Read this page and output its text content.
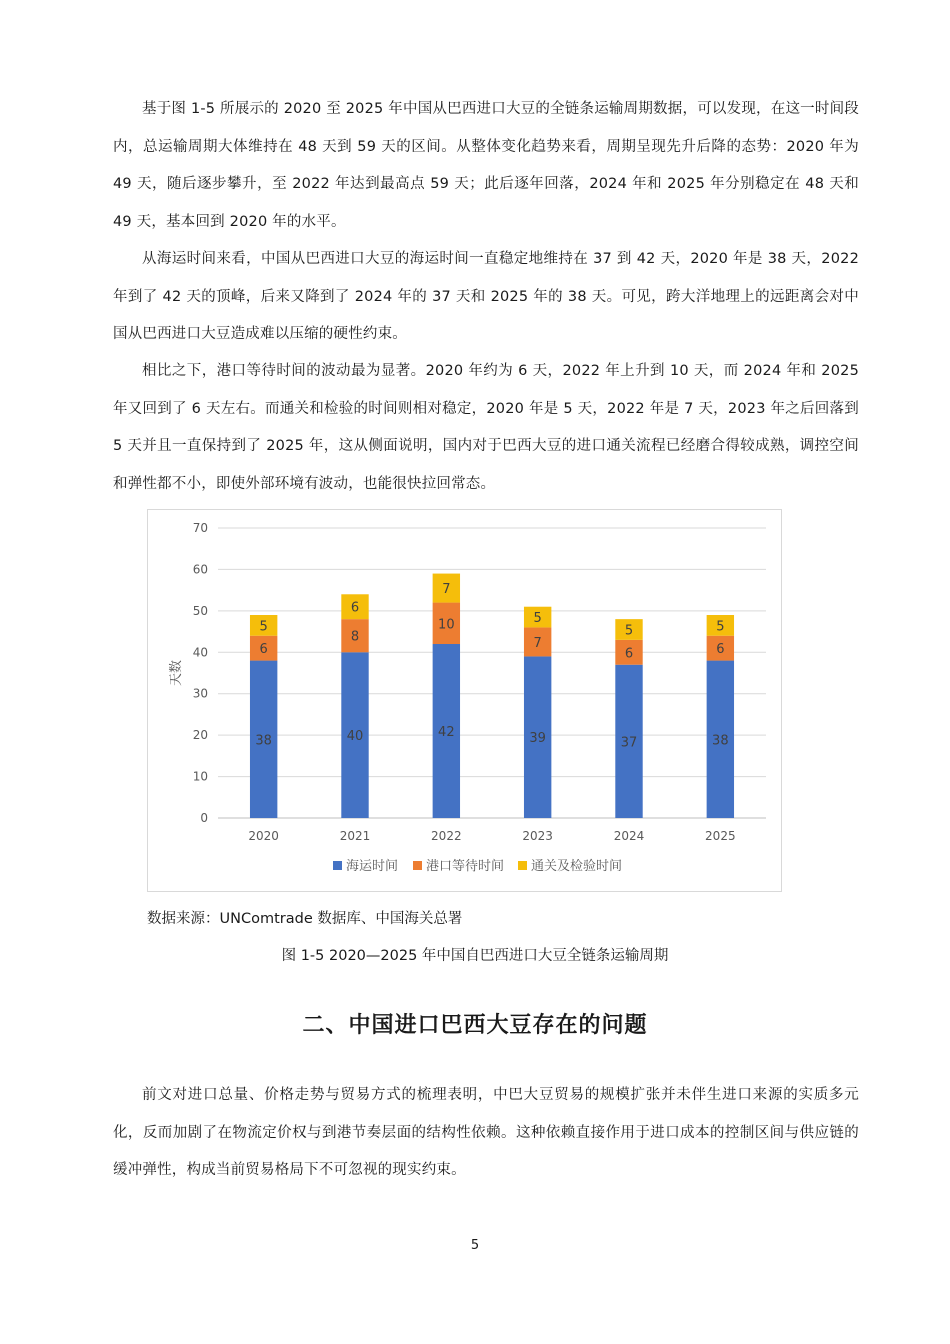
基于图 1-5 所展示的 2020 至 2025 年中国从巴西进口大豆的全链条运输周期数据，可以发现，在这一时间段内，总运输周期大体维持在 48 天到 59 天的区间。从整体变化趋势来看，周期呈现先升后降的态势：2020 年为 49 天，随后逐步攀升，至 2022 年达到最高点 59 天；此后逐年回落，2024 年和 2025 年分别稳定在 48 天和 49 天，基本回到 2020 年的水平。

从海运时间来看，中国从巴西进口大豆的海运时间一直稳定地维持在 37 到 42 天，2020 年是 38 天，2022 年到了 42 天的顶峰，后来又降到了 2024 年的 37 天和 2025 年的 38 天。可见，跨大洋地理上的远距离会对中国从巴西进口大豆造成难以压缩的硬性约束。

相比之下，港口等待时间的波动最为显著。2020 年约为 6 天，2022 年上升到 10 天，而 2024 年和 2025 年又回到了 6 天左右。而通关和检验的时间则相对稳定，2020 年是 5 天，2022 年是 7 天，2023 年之后回落到 5 天并且一直保持到了 2025 年，这从侧面说明，国内对于巴西大豆的进口通关流程已经磨合得较成熟，调控空间和弹性都不小，即使外部环境有波动，也能很快拉回常态。

0
10
20
30
40
50
60
70
天数
38
6
5
2020
40
8
6
2021
42
10
7
2022
39
7
5
2023
37
6
5
2024
38
6
5
2025
海运时间 港口等待时间 通关及检验时间

数据来源：UNComtrade 数据库、中国海关总署

图 1-5 2020—2025 年中国自巴西进口大豆全链条运输周期

二、中国进口巴西大豆存在的问题

前文对进口总量、价格走势与贸易方式的梳理表明，中巴大豆贸易的规模扩张并未伴生进口来源的实质多元化，反而加剧了在物流定价权与到港节奏层面的结构性依赖。这种依赖直接作用于进口成本的控制区间与供应链的缓冲弹性，构成当前贸易格局下不可忽视的现实约束。

5
